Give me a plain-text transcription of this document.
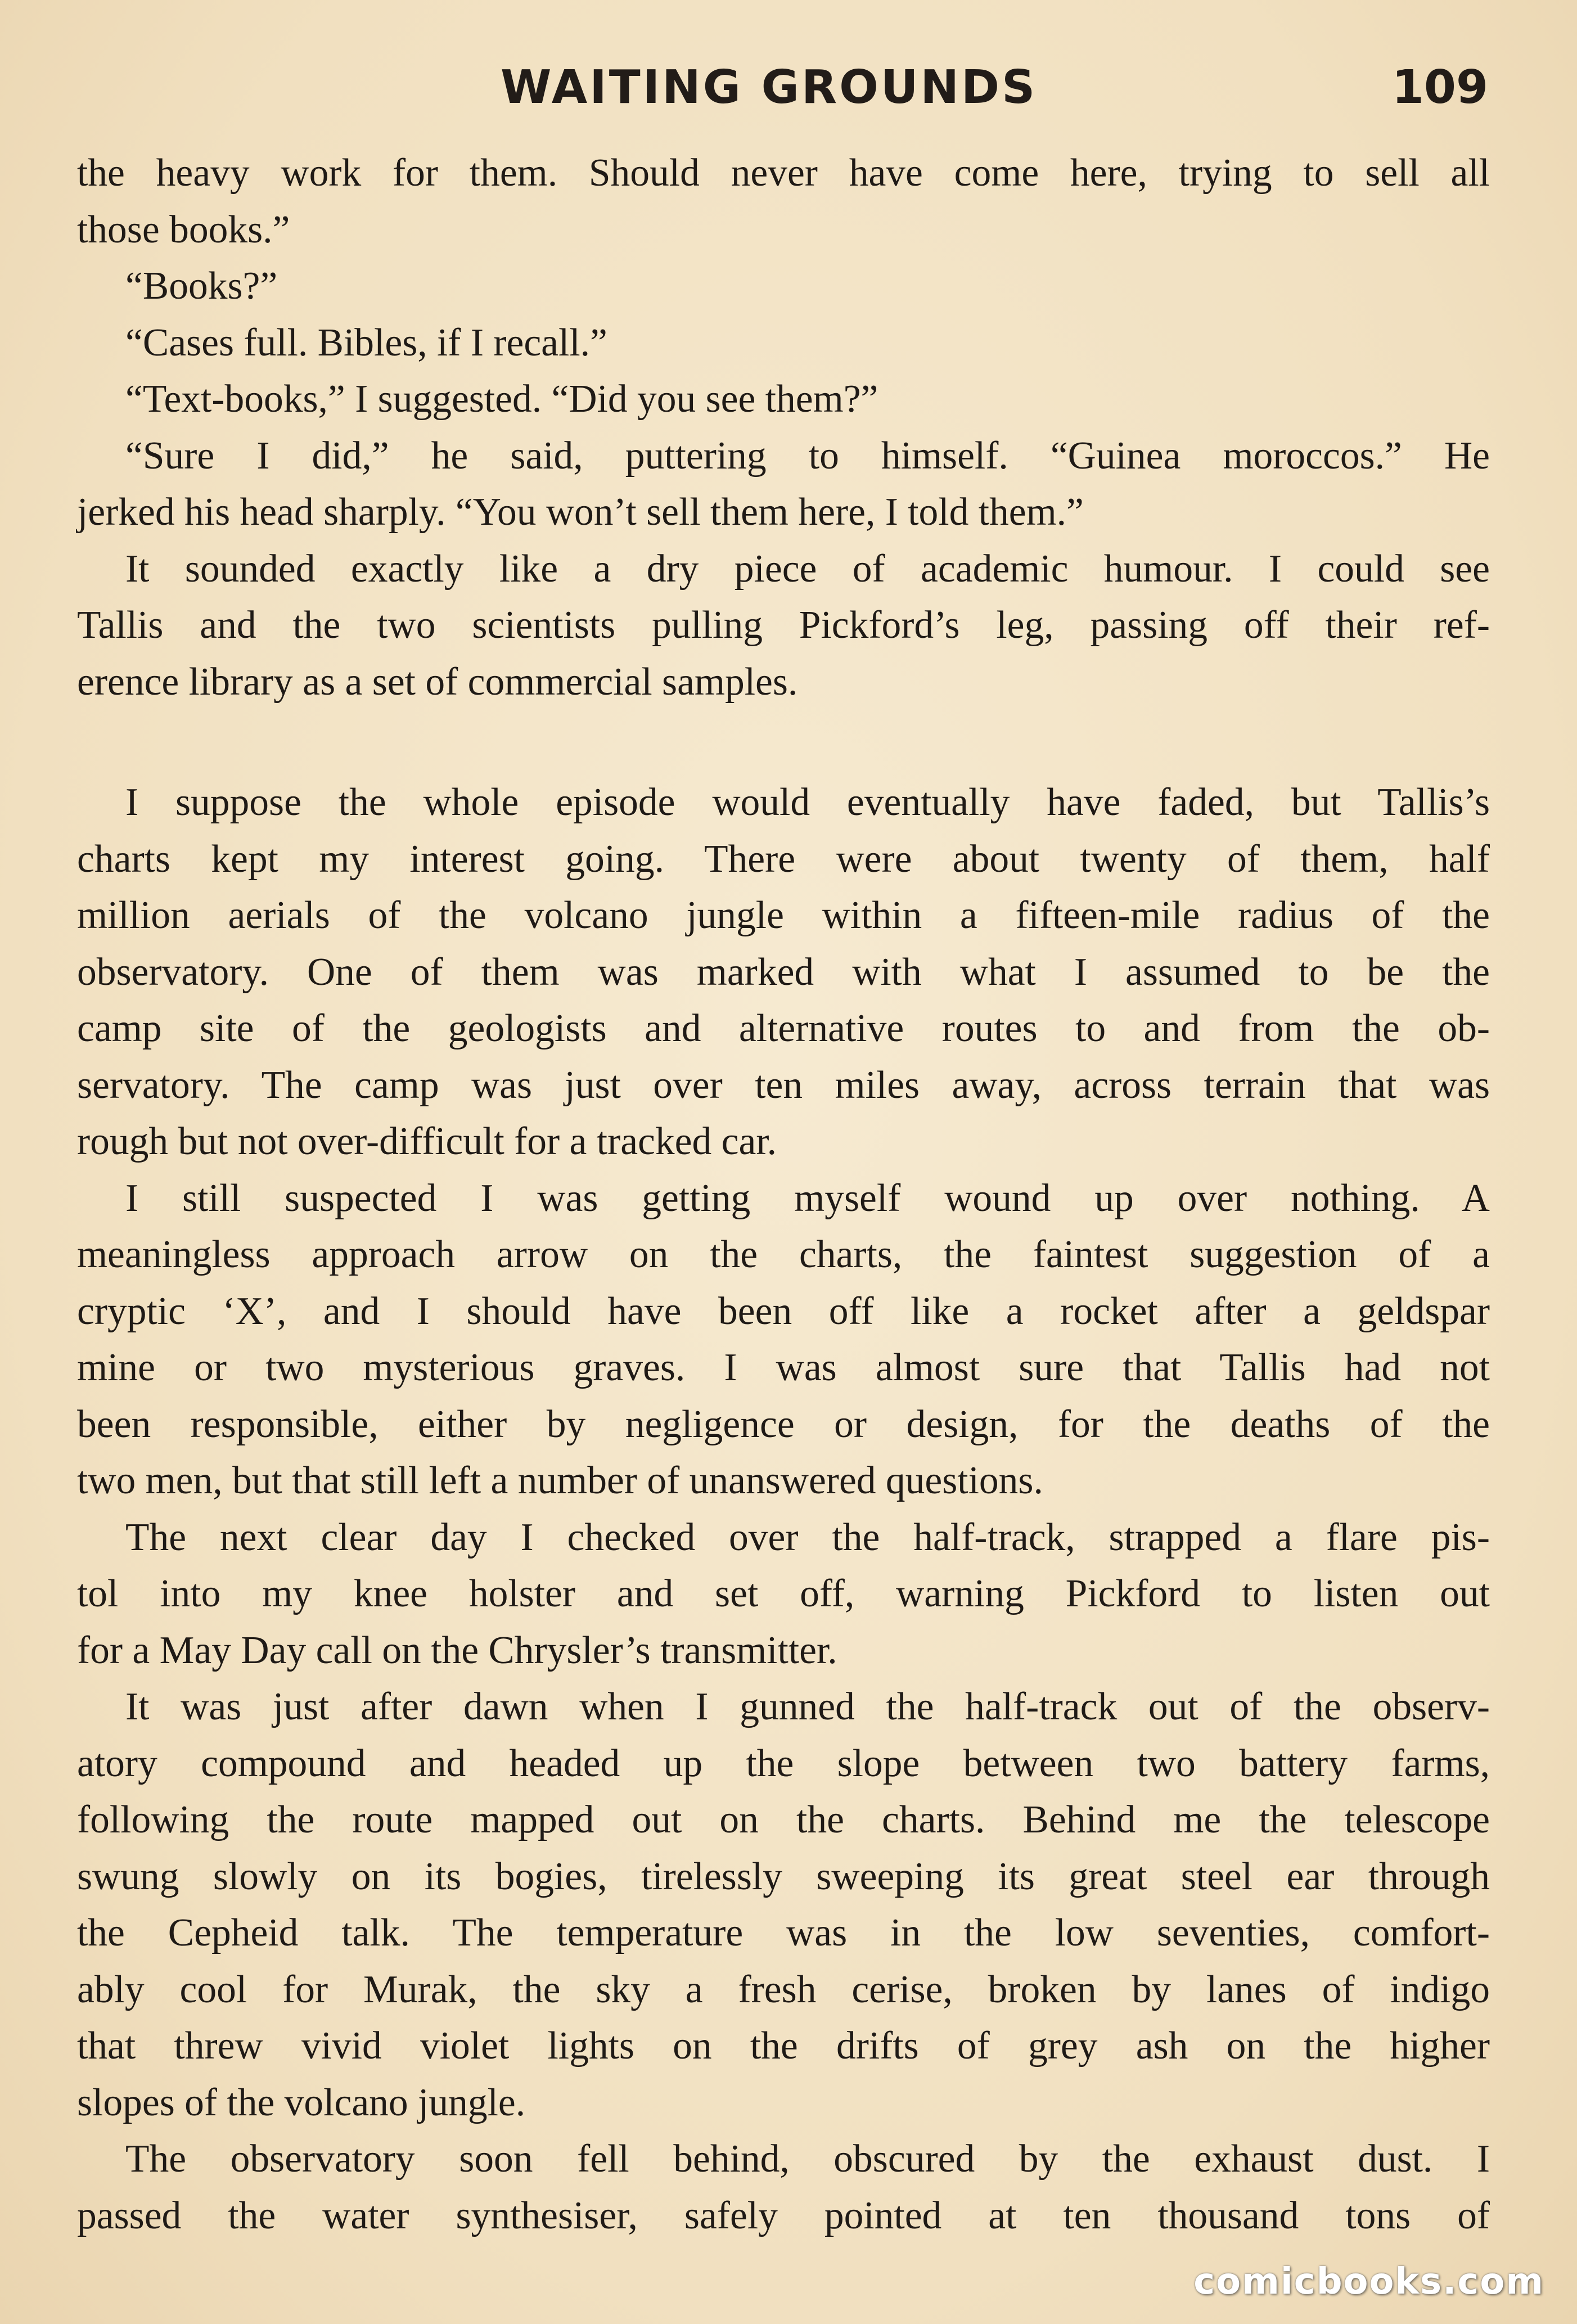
WAITING GROUNDS	109
the heavy work for them. Should never have come here, trying to sell all
those books.”
“Books?”
“Cases full. Bibles, if I recall.”
“Text-books,” I suggested. “Did you see them?”
“Sure I did,” he said, puttering to himself. “Guinea moroccos.” He
jerked his head sharply. “You won’t sell them here, I told them.”
It sounded exactly like a dry piece of academic humour. I could see
Tallis and the two scientists pulling Pickford’s leg, passing off their ref-
erence library as a set of commercial samples.
I suppose the whole episode would eventually have faded, but Tallis’s
charts kept my interest going. There were about twenty of them, half
million aerials of the volcano jungle within a fifteen-mile radius of the
observatory. One of them was marked with what I assumed to be the
camp site of the geologists and alternative routes to and from the ob-
servatory. The camp was just over ten miles away, across terrain that was
rough but not over-difficult for a tracked car.
I still suspected I was getting myself wound up over nothing. A
meaningless approach arrow on the charts, the faintest suggestion of a
cryptic ‘X’, and I should have been off like a rocket after a geldspar
mine or two mysterious graves. I was almost sure that Tallis had not
been responsible, either by negligence or design, for the deaths of the
two men, but that still left a number of unanswered questions.
The next clear day I checked over the half-track, strapped a flare pis-
tol into my knee holster and set off, warning Pickford to listen out
for a May Day call on the Chrysler’s transmitter.
It was just after dawn when I gunned the half-track out of the observ-
atory compound and headed up the slope between two battery farms,
following the route mapped out on the charts. Behind me the telescope
swung slowly on its bogies, tirelessly sweeping its great steel ear through
the Cepheid talk. The temperature was in the low seventies, comfort-
ably cool for Murak, the sky a fresh cerise, broken by lanes of indigo
that threw vivid violet lights on the drifts of grey ash on the higher
slopes of the volcano jungle.
The observatory soon fell behind, obscured by the exhaust dust. I
passed the water synthesiser, safely pointed at ten thousand tons of
comicbooks.com
